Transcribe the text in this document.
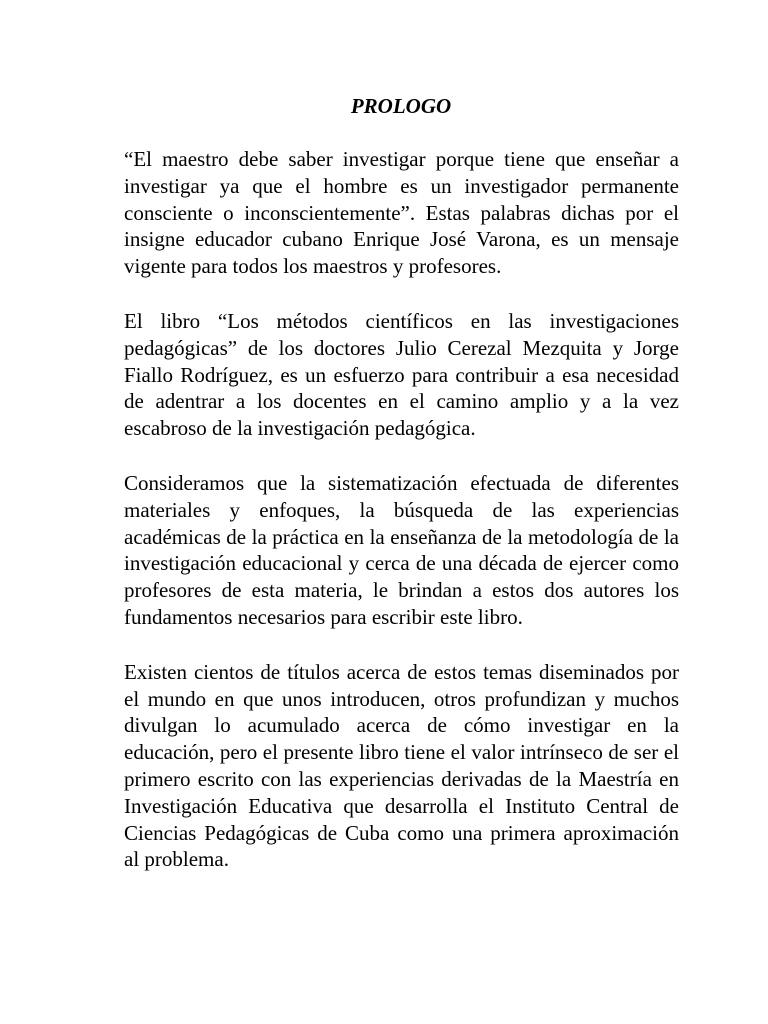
PROLOGO

“El maestro debe saber investigar porque tiene que enseñar a investigar ya que el hombre es un investigador permanente consciente o inconscientemente”. Estas palabras dichas por el insigne educador cubano Enrique José Varona, es un mensaje vigente para todos los maestros y profesores.

El libro “Los métodos científicos en las investigaciones pedagógicas” de los doctores Julio Cerezal Mezquita y Jorge Fiallo Rodríguez, es un esfuerzo para contribuir a esa necesidad de adentrar a los docentes en el camino amplio y a la vez escabroso de la investigación pedagógica.

Consideramos que la sistematización efectuada de diferentes materiales y enfoques, la búsqueda de las experiencias académicas de la práctica en la enseñanza de la metodología de la investigación educacional y cerca de una década de ejercer como profesores de esta materia, le brindan a estos dos autores los fundamentos necesarios para escribir este libro.

Existen cientos de títulos acerca de estos temas diseminados por el mundo en que unos introducen, otros profundizan y muchos divulgan lo acumulado acerca de cómo investigar en la educación, pero el presente libro tiene el valor intrínseco de ser el primero escrito con las experiencias derivadas de la Maestría en Investigación Educativa que desarrolla el Instituto Central de Ciencias Pedagógicas de Cuba como una primera aproximación al problema.
